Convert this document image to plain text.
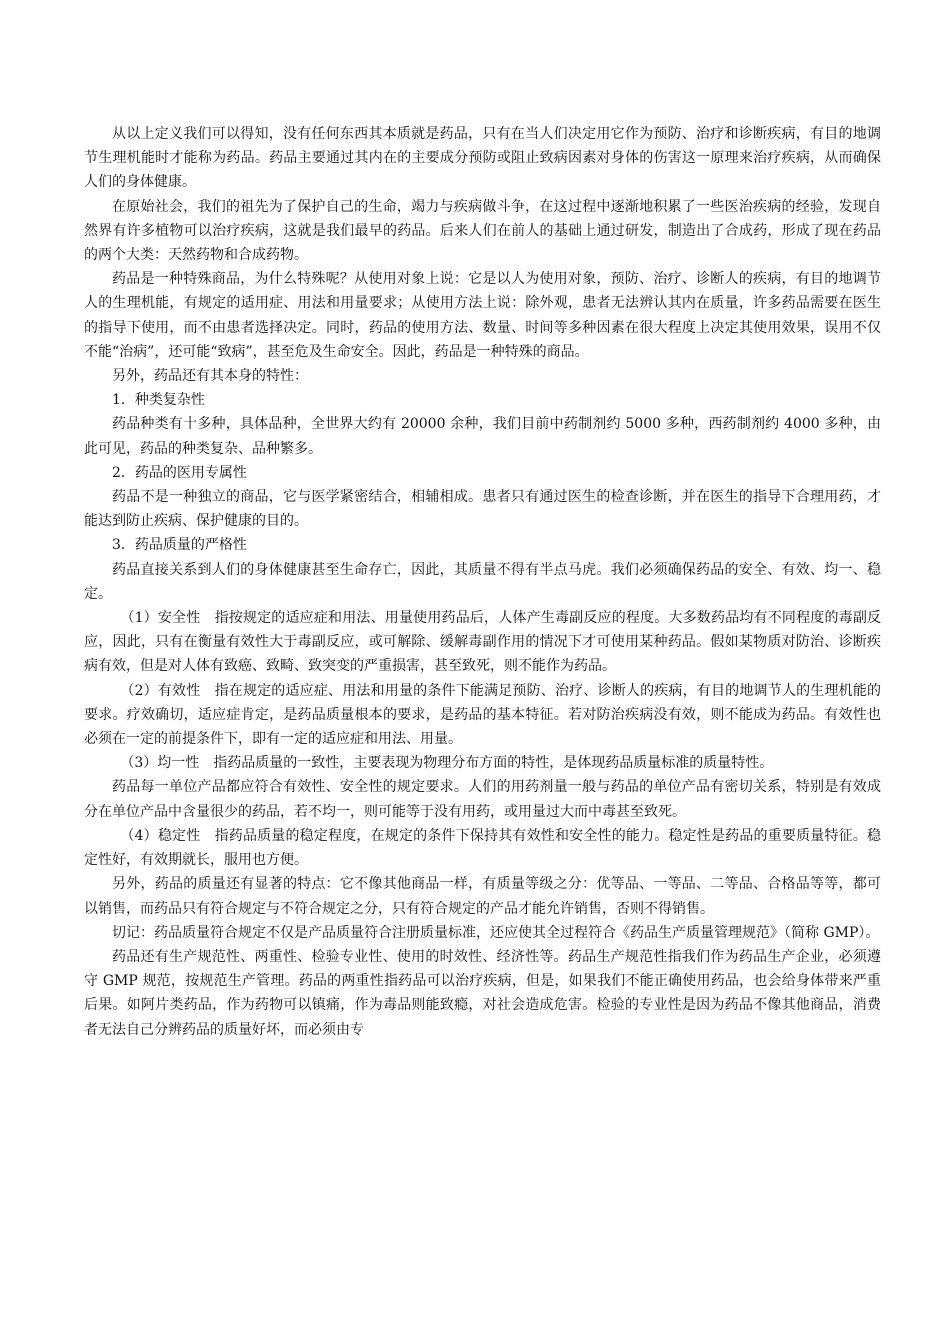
从以上定义我们可以得知，没有任何东西其本质就是药品，只有在当人们决定用它作为预防、治疗和诊断疾病，有目的地调节生理机能时才能称为药品。药品主要通过其内在的主要成分预防或阻止致病因素对身体的伤害这一原理来治疗疾病，从而确保人们的身体健康。

在原始社会，我们的祖先为了保护自己的生命，竭力与疾病做斗争，在这过程中逐渐地积累了一些医治疾病的经验，发现自然界有许多植物可以治疗疾病，这就是我们最早的药品。后来人们在前人的基础上通过研发，制造出了合成药，形成了现在药品的两个大类：天然药物和合成药物。

药品是一种特殊商品，为什么特殊呢？从使用对象上说：它是以人为使用对象，预防、治疗、诊断人的疾病，有目的地调节人的生理机能，有规定的适用症、用法和用量要求；从使用方法上说：除外观，患者无法辨认其内在质量，许多药品需要在医生的指导下使用，而不由患者选择决定。同时，药品的使用方法、数量、时间等多种因素在很大程度上决定其使用效果，误用不仅不能“治病”，还可能“致病”，甚至危及生命安全。因此，药品是一种特殊的商品。

另外，药品还有其本身的特性：

1．种类复杂性

药品种类有十多种，具体品种，全世界大约有 20000 余种，我们目前中药制剂约 5000 多种，西药制剂约 4000 多种，由此可见，药品的种类复杂、品种繁多。

2．药品的医用专属性

药品不是一种独立的商品，它与医学紧密结合，相辅相成。患者只有通过医生的检查诊断，并在医生的指导下合理用药，才能达到防止疾病、保护健康的目的。

3．药品质量的严格性

药品直接关系到人们的身体健康甚至生命存亡，因此，其质量不得有半点马虎。我们必须确保药品的安全、有效、均一、稳定。

（1）安全性　指按规定的适应症和用法、用量使用药品后，人体产生毒副反应的程度。大多数药品均有不同程度的毒副反应，因此，只有在衡量有效性大于毒副反应，或可解除、缓解毒副作用的情况下才可使用某种药品。假如某物质对防治、诊断疾病有效，但是对人体有致癌、致畸、致突变的严重损害，甚至致死，则不能作为药品。

（2）有效性　指在规定的适应症、用法和用量的条件下能满足预防、治疗、诊断人的疾病，有目的地调节人的生理机能的要求。疗效确切，适应症肯定，是药品质量根本的要求，是药品的基本特征。若对防治疾病没有效，则不能成为药品。有效性也必须在一定的前提条件下，即有一定的适应症和用法、用量。

（3）均一性　指药品质量的一致性，主要表现为物理分布方面的特性，是体现药品质量标准的质量特性。

药品每一单位产品都应符合有效性、安全性的规定要求。人们的用药剂量一般与药品的单位产品有密切关系，特别是有效成分在单位产品中含量很少的药品，若不均一，则可能等于没有用药，或用量过大而中毒甚至致死。

（4）稳定性　指药品质量的稳定程度，在规定的条件下保持其有效性和安全性的能力。稳定性是药品的重要质量特征。稳定性好，有效期就长，服用也方便。

另外，药品的质量还有显著的特点：它不像其他商品一样，有质量等级之分：优等品、一等品、二等品、合格品等等，都可以销售，而药品只有符合规定与不符合规定之分，只有符合规定的产品才能允许销售，否则不得销售。

切记：药品质量符合规定不仅是产品质量符合注册质量标准，还应使其全过程符合《药品生产质量管理规范》（简称 GMP）。

药品还有生产规范性、两重性、检验专业性、使用的时效性、经济性等。药品生产规范性指我们作为药品生产企业，必须遵守 GMP 规范，按规范生产管理。药品的两重性指药品可以治疗疾病，但是，如果我们不能正确使用药品，也会给身体带来严重后果。如阿片类药品，作为药物可以镇痛，作为毒品则能致瘾，对社会造成危害。检验的专业性是因为药品不像其他商品，消费者无法自己分辨药品的质量好坏，而必须由专
